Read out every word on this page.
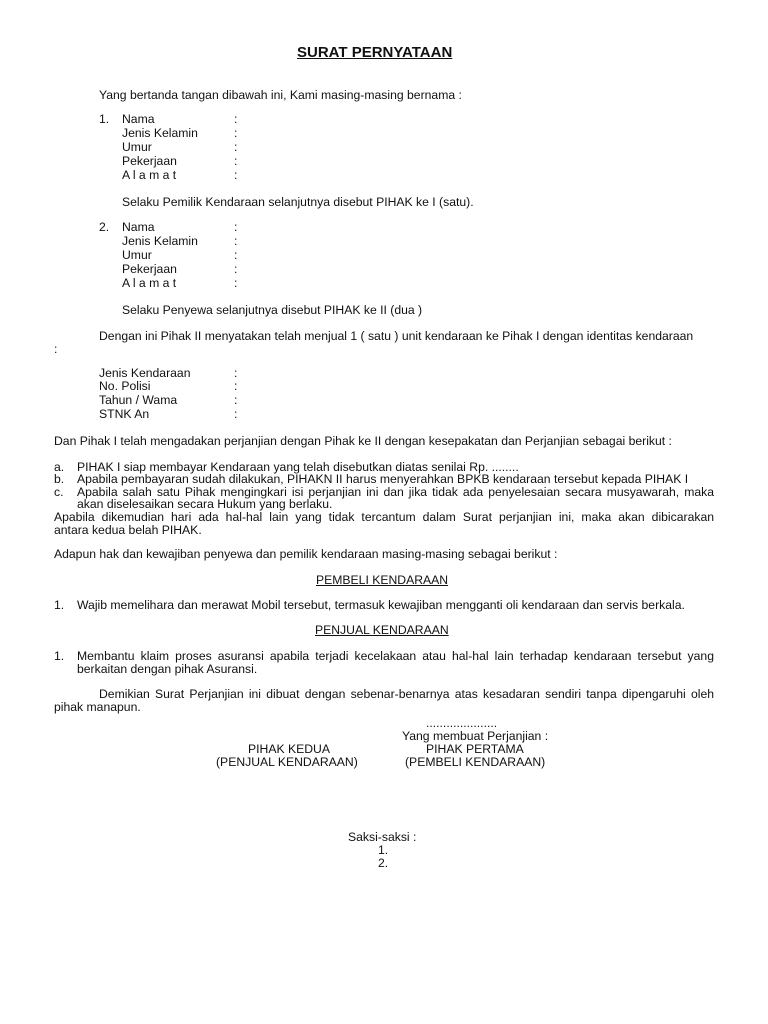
SURAT PERNYATAAN
Yang bertanda tangan dibawah ini, Kami masing-masing bernama :
1. Nama
Jenis Kelamin
Umur
Pekerjaan
A l a m a t
:
:
:
:
:
Selaku Pemilik Kendaraan selanjutnya disebut PIHAK ke I (satu).
2. Nama
Jenis Kelamin
Umur
Pekerjaan
A l a m a t
:
:
:
:
:
Selaku Penyewa selanjutnya disebut PIHAK ke II (dua )
Dengan ini Pihak II menyatakan telah menjual 1 ( satu ) unit kendaraan ke Pihak I dengan identitas kendaraan
:
Jenis Kendaraan
No. Polisi
Tahun / Wama
STNK An
:
:
:
:
Dan Pihak I telah mengadakan perjanjian dengan Pihak ke II dengan kesepakatan dan Perjanjian sebagai berikut :
a. PIHAK I siap membayar Kendaraan yang telah disebutkan diatas senilai Rp. ........
b. Apabila pembayaran sudah dilakukan, PIHAKN II harus menyerahkan BPKB kendaraan tersebut kepada PIHAK I
c. Apabila salah satu Pihak mengingkari isi perjanjian ini dan jika tidak ada penyelesaian secara musyawarah, maka
akan diselesaikan secara Hukum yang berlaku.
Apabila dikemudian hari ada hal-hal lain yang tidak tercantum dalam Surat perjanjian ini, maka akan dibicarakan
antara kedua belah PIHAK.
Adapun hak dan kewajiban penyewa dan pemilik kendaraan masing-masing sebagai berikut :
PEMBELI KENDARAAN
1. Wajib memelihara dan merawat Mobil tersebut, termasuk kewajiban mengganti oli kendaraan dan servis berkala.
PENJUAL KENDARAAN
1. Membantu klaim proses asuransi apabila terjadi kecelakaan atau hal-hal lain terhadap kendaraan tersebut yang
berkaitan dengan pihak Asuransi.
Demikian Surat Perjanjian ini dibuat dengan sebenar-benarnya atas kesadaran sendiri tanpa dipengaruhi oleh
pihak manapun.
.....................
Yang membuat Perjanjian :
PIHAK KEDUA	PIHAK PERTAMA
(PENJUAL KENDARAAN)	(PEMBELI KENDARAAN)
Saksi-saksi :
1.
2.
